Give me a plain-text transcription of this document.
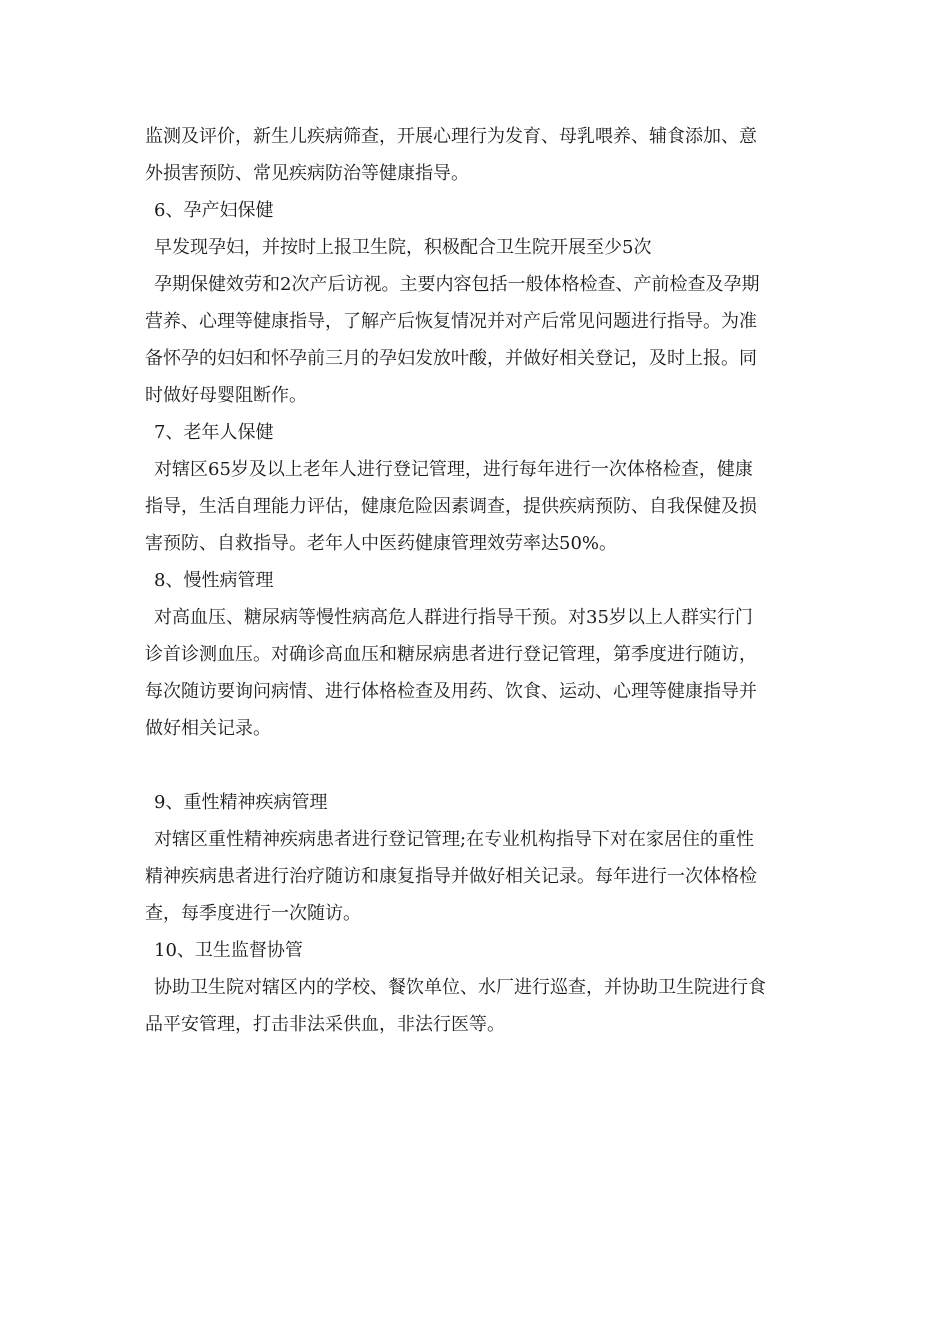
监测及评价，新生儿疾病筛查，开展心理行为发育、母乳喂养、辅食添加、意
外损害预防、常见疾病防治等健康指导。
6、孕产妇保健
早发现孕妇，并按时上报卫生院，积极配合卫生院开展至少5次
孕期保健效劳和2次产后访视。主要内容包括一般体格检查、产前检查及孕期
营养、心理等健康指导，了解产后恢复情况并对产后常见问题进行指导。为准
备怀孕的妇妇和怀孕前三月的孕妇发放叶酸，并做好相关登记，及时上报。同
时做好母婴阻断作。
7、老年人保健
对辖区65岁及以上老年人进行登记管理，进行每年进行一次体格检查，健康
指导，生活自理能力评估，健康危险因素调查，提供疾病预防、自我保健及损
害预防、自救指导。老年人中医药健康管理效劳率达50%。
8、慢性病管理
对高血压、糖尿病等慢性病高危人群进行指导干预。对35岁以上人群实行门
诊首诊测血压。对确诊高血压和糖尿病患者进行登记管理，第季度进行随访，
每次随访要询问病情、进行体格检查及用药、饮食、运动、心理等健康指导并
做好相关记录。
9、重性精神疾病管理
对辖区重性精神疾病患者进行登记管理;在专业机构指导下对在家居住的重性
精神疾病患者进行治疗随访和康复指导并做好相关记录。每年进行一次体格检
查，每季度进行一次随访。
10、卫生监督协管
协助卫生院对辖区内的学校、餐饮单位、水厂进行巡查，并协助卫生院进行食
品平安管理，打击非法采供血，非法行医等。
